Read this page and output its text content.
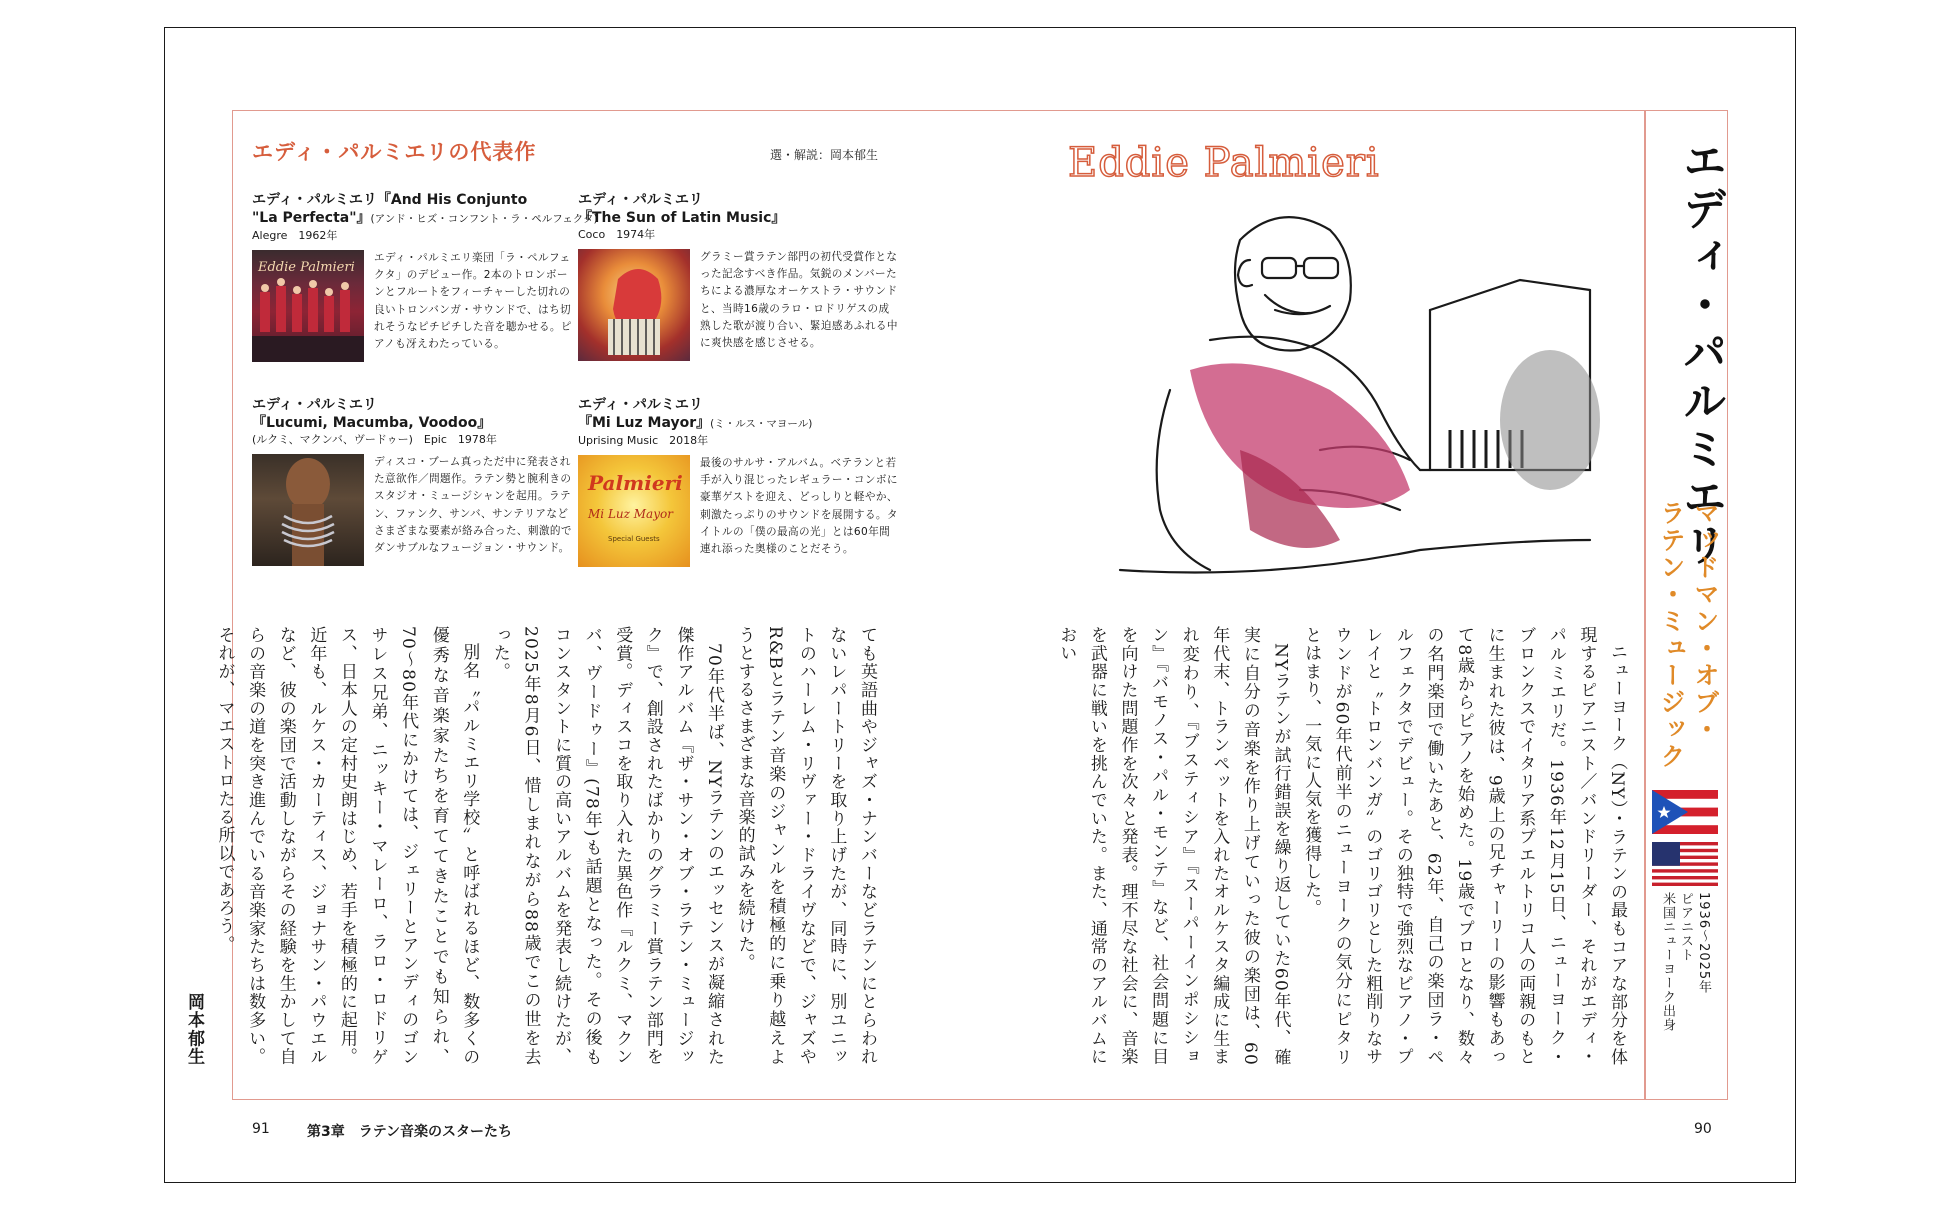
エディ・パルミエリの代表作	選・解説：岡本郁生
エディ・パルミエリ『And His Conjunto
"La Perfecta"』(アンド・ヒズ・コンフント・ラ・ペルフェクタ)
Alegre　1962年
Eddie Palmieri
エディ・パルミエリ楽団「ラ・ペルフェクタ」のデビュー作。2本のトロンボーンとフルートをフィーチャーした切れの良いトロンバンガ・サウンドで、はち切れそうなピチピチした音を聴かせる。ピアノも冴えわたっている。
エディ・パルミエリ
『The Sun of Latin Music』
Coco　1974年
グラミー賞ラテン部門の初代受賞作となった記念すべき作品。気鋭のメンバーたちによる濃厚なオーケストラ・サウンドと、当時16歳のラロ・ロドリゲスの成熟した歌が渡り合い、緊迫感あふれる中に爽快感を感じさせる。
エディ・パルミエリ
『Lucumi, Macumba, Voodoo』
(ルクミ、マクンバ、ヴードゥー)　Epic　1978年
ディスコ・ブーム真っただ中に発表された意欲作／問題作。ラテン勢と腕利きのスタジオ・ミュージシャンを起用。ラテン、ファンク、サンバ、サンテリアなどさまざまな要素が絡み合った、刺激的でダンサブルなフュージョン・サウンド。
エディ・パルミエリ
『Mi Luz Mayor』(ミ・ルス・マヨール)
Uprising Music　2018年
Palmieri
Mi Luz Mayor
Special Guests
最後のサルサ・アルバム。ベテランと若手が入り混じったレギュラー・コンボに豪華ゲストを迎え、どっしりと軽やか、刺激たっぷりのサウンドを展開する。タイトルの「僕の最高の光」とは60年間連れ添った奥様のことだそう。
Eddie Palmieri

ても英語曲やジャズ・ナンバーなどラテンにとらわれないレパートリーを取り上げたが、同時に、別ユニットのハーレム・リヴァー・ドライヴなどで、ジャズやR&Bとラテン音楽のジャンルを積極的に乗り越えようとするさまざまな音楽的試みを続けた。

70年代半ば、NYラテンのエッセンスが凝縮された傑作アルバム『ザ・サン・オブ・ラテン・ミュージック』で、創設されたばかりのグラミー賞ラテン部門を受賞。ディスコを取り入れた異色作『ルクミ、マクンバ、ヴードゥー』(78年)も話題となった。その後もコンスタントに質の高いアルバムを発表し続けたが、2025年8月6日、惜しまれながら88歳でこの世を去った。

別名〝パルミエリ学校〟と呼ばれるほど、数多くの優秀な音楽家たちを育ててきたことでも知られ、70〜80年代にかけては、ジェリーとアンディのゴンサレス兄弟、ニッキー・マレーロ、ラロ・ロドリゲス、日本人の定村史朗はじめ、若手を積極的に起用。近年も、ルケス・カーティス、ジョナサン・パウエルなど、彼の楽団で活動しながらその経験を生かして自らの音楽の道を突き進んでいる音楽家たちは数多い。それが、マエストロたる所以であろう。

岡本郁生	ニューヨーク（NY）・ラテンの最もコアな部分を体現するピアニスト／バンドリーダー、それがエディ・パルミエリだ。1936年12月15日、ニューヨーク・ブロンクスでイタリア系プエルトリコ人の両親のもとに生まれた彼は、9歳上の兄チャーリーの影響もあって8歳からピアノを始めた。19歳でプロとなり、数々の名門楽団で働いたあと、62年、自己の楽団ラ・ペルフェクタでデビュー。その独特で強烈なピアノ・プレイと〝トロンバンガ〟のゴリゴリとした粗削りなサウンドが60年代前半のニューヨークの気分にピタリとはまり、一気に人気を獲得した。

NYラテンが試行錯誤を繰り返していた60年代、確実に自分の音楽を作り上げていった彼の楽団は、60年代末、トランペットを入れたオルケスタ編成に生まれ変わり、『ブスティシア』『スーパーインポシション』『バモノス・パル・モンテ』など、社会問題に目を向けた問題作を次々と発表。理不尽な社会に、音楽を武器に戦いを挑んでいた。また、通常のアルバムにおい

エディ・パルミエリ
マッドマン・オブ・
ラテン・ミュージック
1936〜2025年
ピアニスト
米国ニューヨーク出身
91	第3章　ラテン音楽のスターたち	90
